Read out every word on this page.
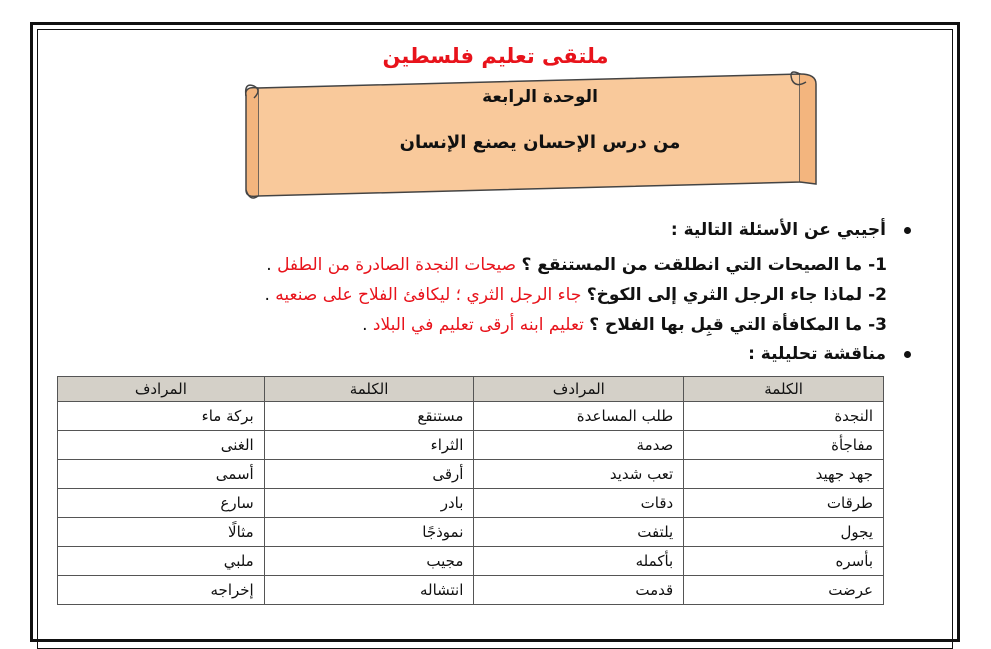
ملتقى تعليم فلسطين
الوحدة الرابعة
من درس الإحسان يصنع الإنسان
أجيبي عن الأسئلة التالية :
1- ما الصيحات التي انطلقت من المستنقع ؟ صيحات النجدة الصادرة من الطفل .
2- لماذا جاء الرجل الثري إلى الكوخ؟ جاء الرجل الثري ؛ ليكافئ الفلاح على صنعيه .
3- ما المكافأة التي قبِل بها الفلاح ؟ تعليم ابنه أرقى تعليم في البلاد .
مناقشة تحليلية :
الكلمة	المرادف	الكلمة	المرادف
النجدة	طلب المساعدة	مستنقع	بركة ماء
مفاجأة	صدمة	الثراء	الغنى
جهد جهيد	تعب شديد	أرقى	أسمى
طرقات	دقات	بادر	سارع
يجول	يلتفت	نموذجًا	مثالًا
بأسره	بأكمله	مجيب	ملبي
عرضت	قدمت	انتشاله	إخراجه
